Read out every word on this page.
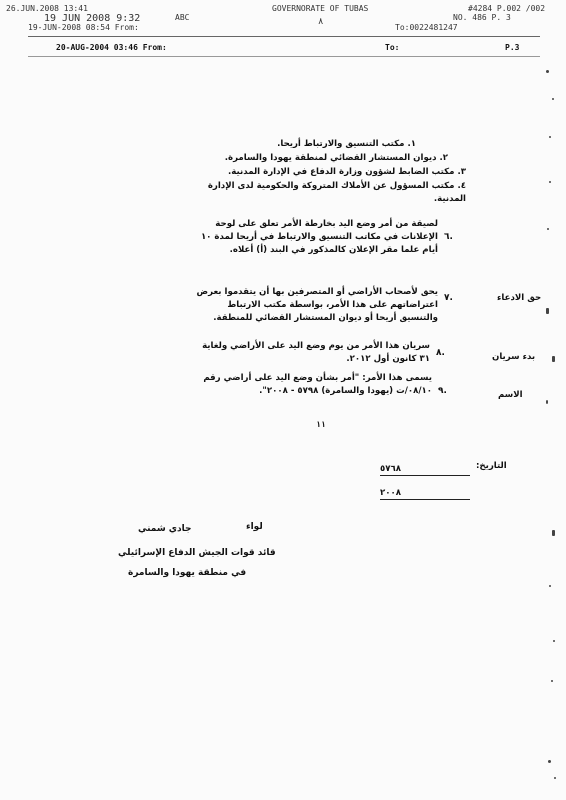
26.JUN.2008 13:41	GOVERNORATE OF TUBAS	#4284 P.002 /002
19 JUN 2008 9:32	ABC	NO. 486 P. 3
19-JUN-2008 08:54 From:	To:0022481247
٨
20-AUG-2004 03:46 From:	To:	P.3
١. مكتب التنسيق والارتباط أريحا.
٢. ديوان المستشار القضائي لمنطقة يهودا والسامرة.
٣. مكتب الضابط لشؤون وزارة الدفاع في الإدارة المدنية.
٤. مكتب المسؤول عن الأملاك المتروكة والحكومية لدى الإدارة المدنية.
٦.
لصيقة من أمر وضع اليد بخارطة الأمر تعلق على لوحة الإعلانات في مكاتب التنسيق والارتباط في أريحا لمدة ١٠ أيام علما مقر الإعلان كالمذكور في البند (أ) أعلاه.
حق الادعاء
٧.
يحق لأصحاب الأراضي أو المتصرفين بها أن يتقدموا بعرض اعتراضاتهم على هذا الأمر، بواسطة مكتب الارتباط والتنسيق أريحا أو ديوان المستشار القضائي للمنطقة.
بدء سريان
٨.
سريان هذا الأمر من يوم وضع اليد على الأراضي ولغاية ٣١ كانون أول ٢٠١٢.
الاسم
٩.
يسمى هذا الأمر: "أمر بشأن وضع اليد على أراضي رقم ٠٨/١٠/ت (يهودا والسامرة) ٥٧٩٨ - ٢٠٠٨".
١١
التاريخ:
٥٧٦٨
٢٠٠٨
لواء
جادي شمني
قائد قوات الجيش الدفاع الإسرائيلي
في منطقة يهودا والسامرة
